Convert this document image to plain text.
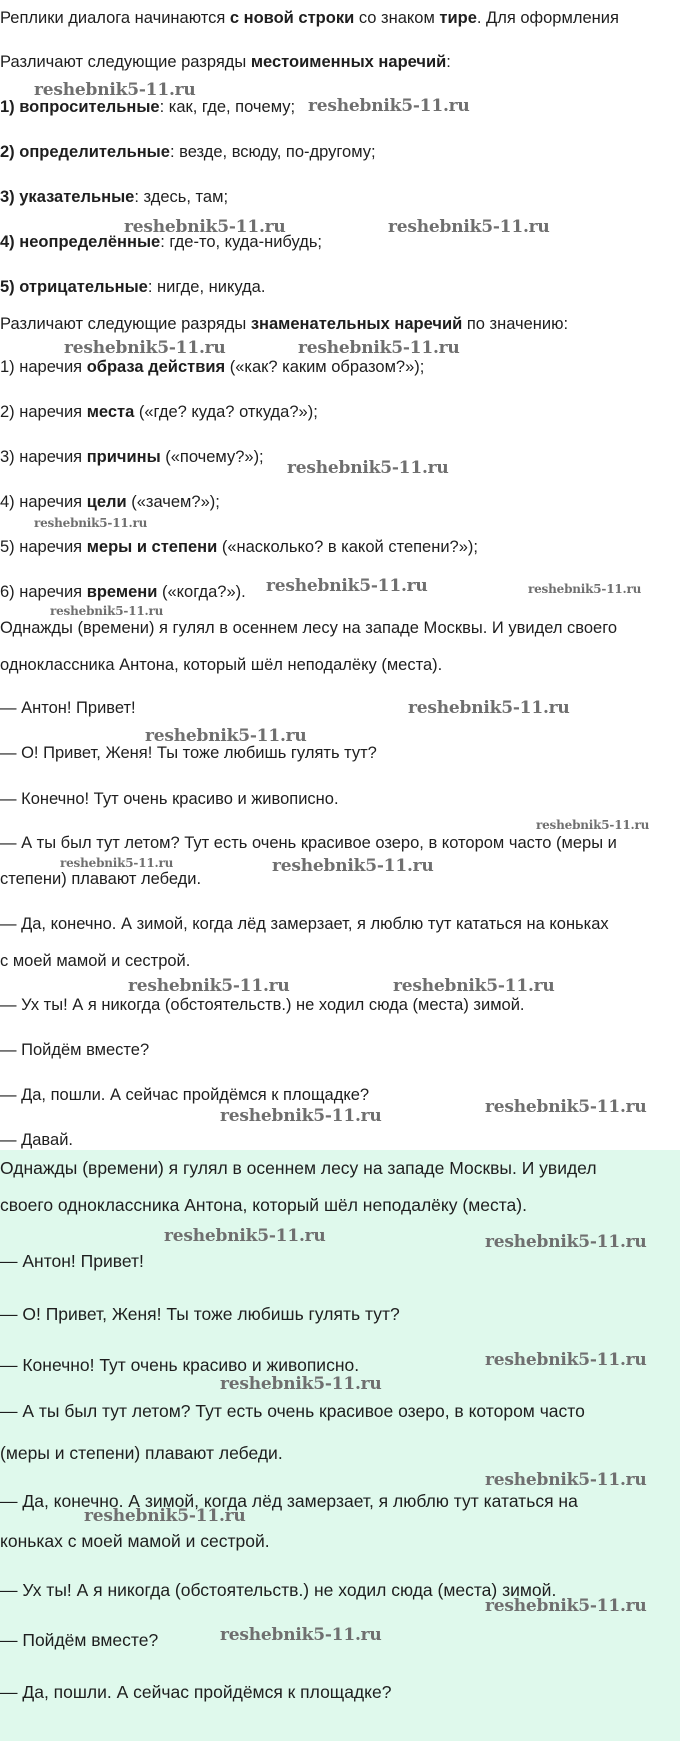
Реплики диалога начинаются с новой строки со знаком тире. Для оформления
Различают следующие разряды местоименных наречий:
1) вопросительные: как, где, почему;
2) определительные: везде, всюду, по-другому;
3) указательные: здесь, там;
4) неопределённые: где-то, куда-нибудь;
5) отрицательные: нигде, никуда.
Различают следующие разряды знаменательных наречий по значению:
1) наречия образа действия («как? каким образом?»);
2) наречия места («где? куда? откуда?»);
3) наречия причины («почему?»);
4) наречия цели («зачем?»);
5) наречия меры и степени («насколько? в какой степени?»);
6) наречия времени («когда?»).
Однажды (времени) я гулял в осеннем лесу на западе Москвы. И увидел своего
одноклассника Антона, который шёл неподалёку (места).
— Антон! Привет!
— О! Привет, Женя! Ты тоже любишь гулять тут?
— Конечно! Тут очень красиво и живописно.
— А ты был тут летом? Тут есть очень красивое озеро, в котором часто (меры и
степени) плавают лебеди.
— Да, конечно. А зимой, когда лёд замерзает, я люблю тут кататься на коньках
с моей мамой и сестрой.
— Ух ты! А я никогда (обстоятельств.) не ходил сюда (места) зимой.
— Пойдём вместе?
— Да, пошли. А сейчас пройдёмся к площадке?
— Давай.
Однажды (времени) я гулял в осеннем лесу на западе Москвы. И увидел
своего одноклассника Антона, который шёл неподалёку (места).
— Антон! Привет!
— О! Привет, Женя! Ты тоже любишь гулять тут?
— Конечно! Тут очень красиво и живописно.
— А ты был тут летом? Тут есть очень красивое озеро, в котором часто
(меры и степени) плавают лебеди.
— Да, конечно. А зимой, когда лёд замерзает, я люблю тут кататься на
коньках с моей мамой и сестрой.
— Ух ты! А я никогда (обстоятельств.) не ходил сюда (места) зимой.
— Пойдём вместе?
— Да, пошли. А сейчас пройдёмся к площадке?
reshebnik5-11.ru
reshebnik5-11.ru
reshebnik5-11.ru	reshebnik5-11.ru
reshebnik5-11.ru	reshebnik5-11.ru
reshebnik5-11.ru
reshebnik5-11.ru
reshebnik5-11.ru	reshebnik5-11.ru
reshebnik5-11.ru
reshebnik5-11.ru
reshebnik5-11.ru
reshebnik5-11.ru
reshebnik5-11.ru	reshebnik5-11.ru
reshebnik5-11.ru	reshebnik5-11.ru
reshebnik5-11.ru	reshebnik5-11.ru
reshebnik5-11.ru	reshebnik5-11.ru
reshebnik5-11.ru
reshebnik5-11.ru
reshebnik5-11.ru
reshebnik5-11.ru
reshebnik5-11.ru
reshebnik5-11.ru
